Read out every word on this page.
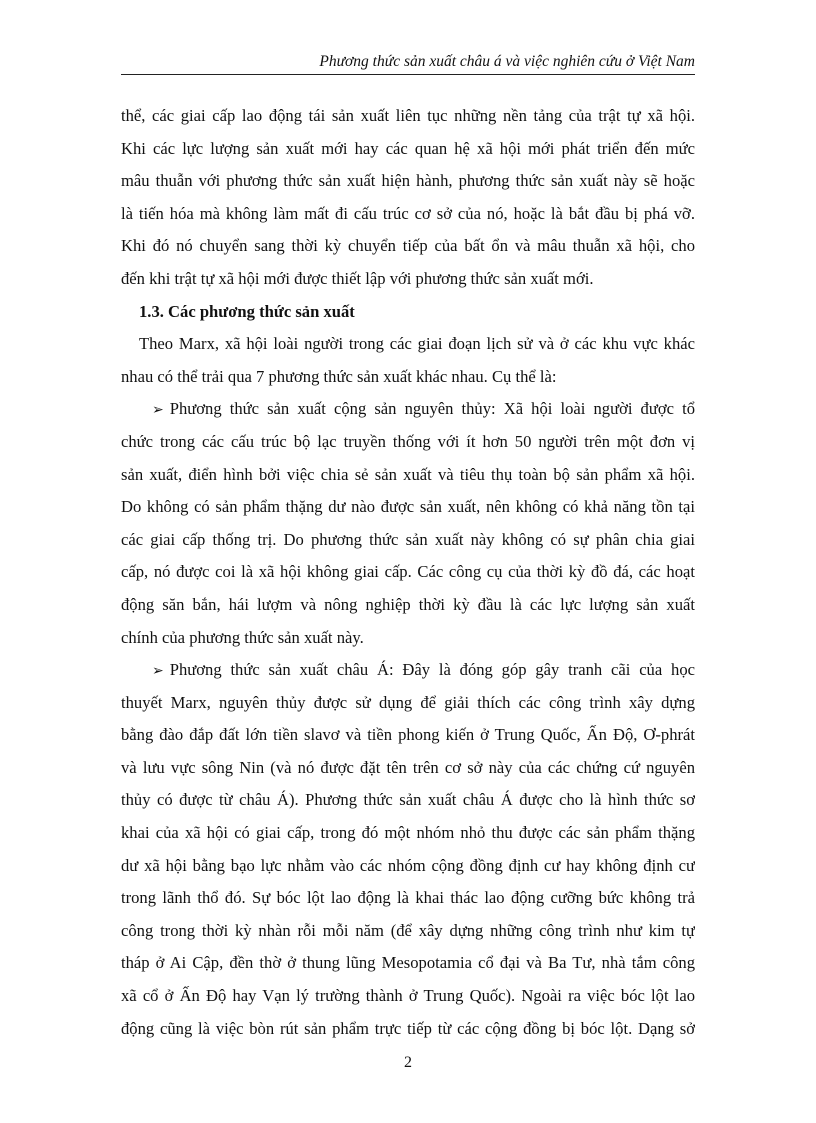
Phương thức sản xuất châu á và việc nghiên cứu ở Việt Nam
thể, các giai cấp lao động tái sản xuất liên tục những nền tảng của trật tự xã hội.
Khi các lực lượng sản xuất mới hay các quan hệ xã hội mới phát triển đến mức
mâu thuẫn với phương thức sản xuất hiện hành, phương thức sản xuất này sẽ hoặc
là tiến hóa mà không làm mất đi cấu trúc cơ sở của nó, hoặc là bắt đầu bị phá vỡ.
Khi đó nó chuyển sang thời kỳ chuyển tiếp của bất ổn và mâu thuẫn xã hội, cho
đến khi trật tự xã hội mới được thiết lập với phương thức sản xuất mới.
1.3. Các phương thức sản xuất
Theo Marx, xã hội loài người trong các giai đoạn lịch sử và ở các khu vực khác
nhau có thể trải qua 7 phương thức sản xuất khác nhau. Cụ thể là:
➢ Phương thức sản xuất cộng sản nguyên thủy: Xã hội loài người được tổ
chức trong các cấu trúc bộ lạc truyền thống với ít hơn 50 người trên một đơn vị
sản xuất, điển hình bởi việc chia sẻ sản xuất và tiêu thụ toàn bộ sản phẩm xã hội.
Do không có sản phẩm thặng dư nào được sản xuất, nên không có khả năng tồn tại
các giai cấp thống trị. Do phương thức sản xuất này không có sự phân chia giai
cấp, nó được coi là xã hội không giai cấp. Các công cụ của thời kỳ đồ đá, các hoạt
động săn bắn, hái lượm và nông nghiệp thời kỳ đầu là các lực lượng sản xuất
chính của phương thức sản xuất này.
➢ Phương thức sản xuất châu Á: Đây là đóng góp gây tranh cãi của học
thuyết Marx, nguyên thủy được sử dụng để giải thích các công trình xây dựng
bằng đào đắp đất lớn tiền slavơ và tiền phong kiến ở Trung Quốc, Ấn Độ, Ơ-phrát
và lưu vực sông Nin (và nó được đặt tên trên cơ sở này của các chứng cứ nguyên
thủy có được từ châu Á). Phương thức sản xuất châu Á được cho là hình thức sơ
khai của xã hội có giai cấp, trong đó một nhóm nhỏ thu được các sản phẩm thặng
dư xã hội bằng bạo lực nhằm vào các nhóm cộng đồng định cư hay không định cư
trong lãnh thổ đó. Sự bóc lột lao động là khai thác lao động cưỡng bức không trả
công trong thời kỳ nhàn rỗi mỗi năm (để xây dựng những công trình như kim tự
tháp ở Ai Cập, đền thờ ở thung lũng Mesopotamia cổ đại và Ba Tư, nhà tắm công
xã cổ ở Ấn Độ hay Vạn lý trường thành ở Trung Quốc). Ngoài ra việc bóc lột lao
động cũng là việc bòn rút sản phẩm trực tiếp từ các cộng đồng bị bóc lột. Dạng sở
2
